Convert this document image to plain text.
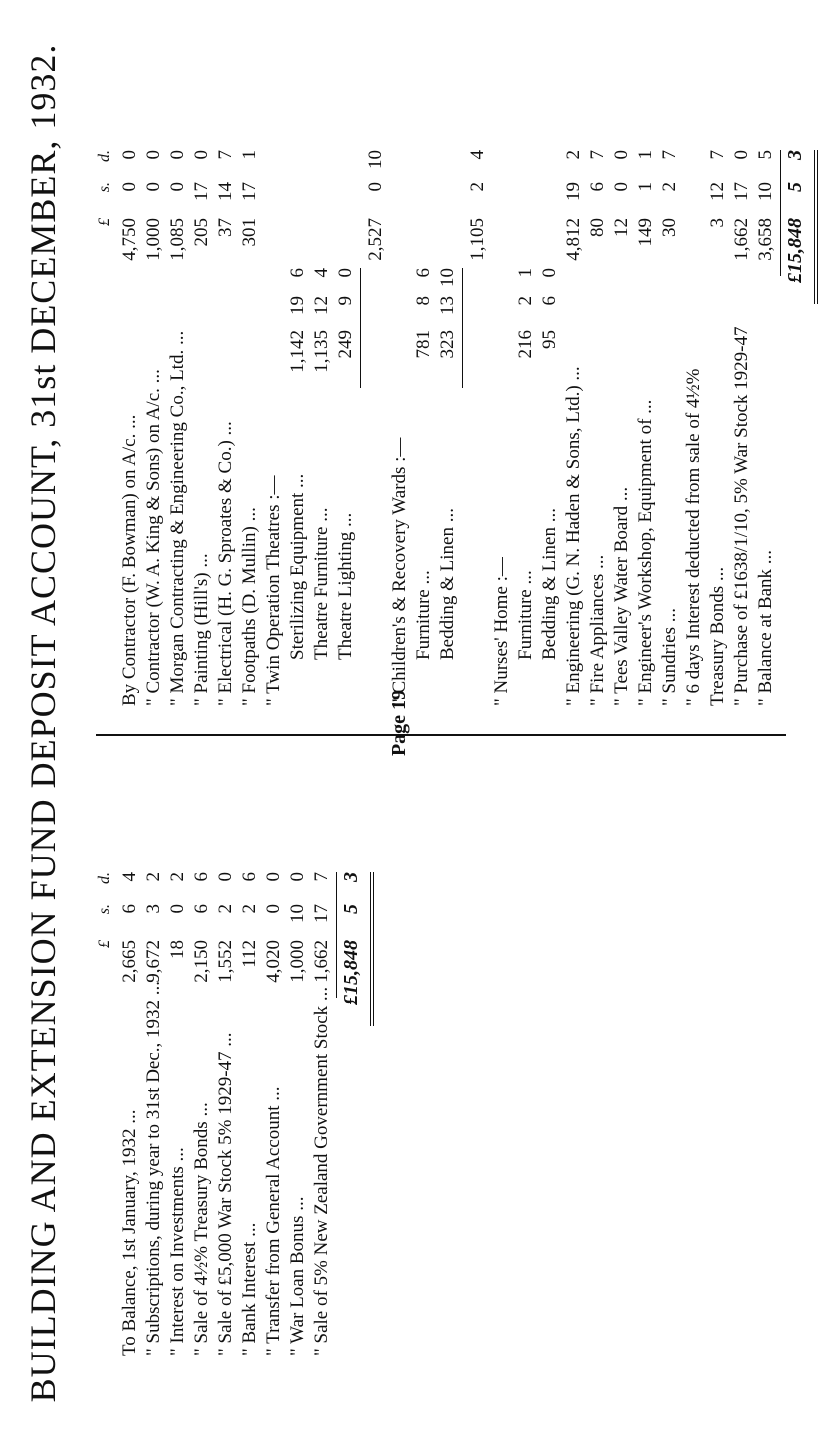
BUILDING AND EXTENSION FUND DEPOSIT ACCOUNT, 31st DECEMBER, 1932. £
s.
d.
To Balance, 1st January, 1932 ...
2,665
6
4
" Subscriptions, during year to 31st Dec., 1932 ...
9,672
3
2
" Interest on Investments ...
18
0
2
" Sale of 4½% Treasury Bonds ...
2,150
6
6
" Sale of £5,000 War Stock 5% 1929-47 ...
1,552
2
0
" Bank Interest ...
112
2
6
" Transfer from General Account ...
4,020
0
0
" War Loan Bonus ...
1,000
10
0
" Sale of 5% New Zealand Government Stock ...
1,662
17
7
£15,848
5
3
Page 19
£
s.
d.
By Contractor (F. Bowman) on A/c. ...
4,750
0
0
" Contractor (W. A. King & Sons) on A/c. ...
1,000
0
0
" Morgan Contracting & Engineering Co., Ltd. ...
1,085
0
0
" Painting (Hill's) ...
205
17
0
" Electrical (H. G. Sproates & Co.) ...
37
14
7
" Footpaths (D. Mullin) ...
301
17
1
" Twin Operation Theatres :— Sterilizing Equipment ...
1,142
19
6
Theatre Furniture ...
1,135
12
4
Theatre Lighting ...
249
9
0
2,527
0
10
" Children's & Recovery Wards :— Furniture ...
781
8
6
Bedding & Linen ...
323
13
10
1,105
2
4
" Nurses' Home :— Furniture ...
216
2
1
Bedding & Linen ...
95
6
0
" Engineering (G. N. Haden & Sons, Ltd.) ...
4,812
19
2
" Fire Appliances ...
80
6
7
" Tees Valley Water Board ...
12
0
0
" Engineer's Workshop, Equipment of ...
149
1
1
" Sundries ...
30
2
7
" 6 days Interest deducted from sale of 4½% Treasury Bonds ...
3
12
7
" Purchase of £1638/1/10, 5% War Stock 1929-47
1,662
17
0
" Balance at Bank ...
3,658
10
5
£15,848
5
3
